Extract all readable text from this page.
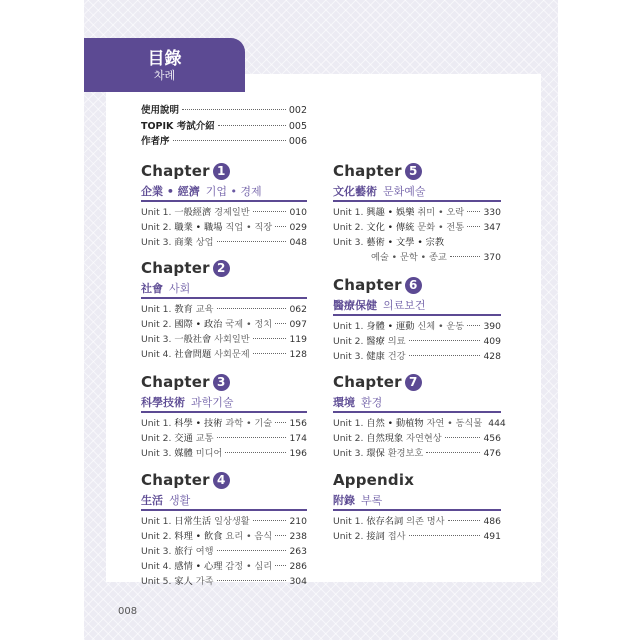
目錄
차례
使用說明	002
TOPIK 考試介紹	005
作者序	006
Chapter 1
企業 • 經濟 기업 • 경제
Unit 1. 一般經濟 경제일반	010
Unit 2. 職業 • 職場 직업 • 직장 029
Unit 3. 商業 상업	048
Chapter 2
社會 사회
Unit 1. 教育 교육	062
Unit 2. 國際 • 政治 국제 • 정치 097
Unit 3. 一般社會 사회일반	119
Unit 4. 社會問題 사회문제	128
Chapter 3
科學技術 과학기술
Unit 1. 科學 • 技術 과학 • 기술 156
Unit 2. 交通 교통	174
Unit 3. 媒體 미디어	196
Chapter 4
生活 생활
Unit 1. 日常生活 일상생활	210
Unit 2. 料理 • 飲食 요리 • 음식 238
Unit 3. 旅行 여행	263
Unit 4. 感情 • 心理 감정 • 심리 286
Unit 5. 家人 가족	304
Chapter 5
文化藝術 문화예술
Unit 1. 興趣 • 娛樂 취미 • 오락 330
Unit 2. 文化 • 傳統 문화 • 전통 347
Unit 3. 藝術 • 文學 • 宗教
예술 • 문학 • 종교	370
Chapter 6
醫療保健 의료보건
Unit 1. 身體 • 運動 신체 • 운동 390
Unit 2. 醫療 의료	409
Unit 3. 健康 건강	428
Chapter 7
環境 환경
Unit 1. 自然 • 動植物 자연 • 동식물 444
Unit 2. 自然現象 자연현상	456
Unit 3. 環保 환경보호	476
Appendix
附錄 부록
Unit 1. 依存名詞 의존 명사	486
Unit 2. 接詞 접사	491
008
